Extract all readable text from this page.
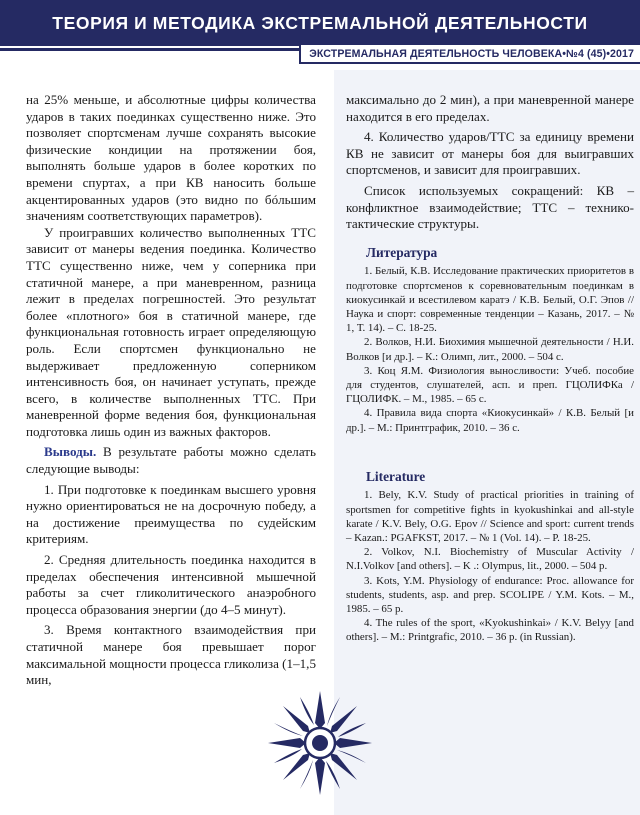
ТЕОРИЯ И МЕТОДИКА ЭКСТРЕМАЛЬНОЙ ДЕЯТЕЛЬНОСТИ
ЭКСТРЕМАЛЬНАЯ ДЕЯТЕЛЬНОСТЬ ЧЕЛОВЕКА•№4 (45)•2017

на 25% меньше, и абсолютные цифры количества ударов в таких поединках существенно ниже. Это позволяет спортсменам лучше сохранять высокие физические кондиции на протяжении боя, выполнять больше ударов в более коротких по времени спуртах, а при КВ наносить больше акцентированных ударов (это видно по бóльшим значениям соответствующих параметров).

У проигравших количество выполненных ТТС зависит от манеры ведения поединка. Количество ТТС существенно ниже, чем у соперника при статичной манере, а при маневренном, разница лежит в пределах погрешностей. Это результат более «плотного» боя в статичной манере, где функциональная готовность играет определяющую роль. Если спортсмен функционально не выдерживает предложенную соперником интенсивность боя, он начинает уступать, прежде всего, в количестве выполненных ТТС. При маневренной форме ведения боя, функциональная подготовка лишь один из важных факторов.

Выводы. В результате работы можно сделать следующие выводы:

1. При подготовке к поединкам высшего уровня нужно ориентироваться не на досрочную победу, а на достижение преимущества по судейским критериям.

2. Средняя длительность поединка находится в пределах обеспечения интенсивной мышечной работы за счет гликолитического анаэробного процесса образования энергии (до 4–5 минут).

3. Время контактного взаимодействия при статичной манере боя превышает порог максимальной мощности процесса гликолиза (1–1,5 мин,

максимально до 2 мин), а при маневренной манере находится в его пределах.

4. Количество ударов/ТТС за единицу времени КВ не зависит от манеры боя для выигравших спортсменов, и зависит для проигравших.

Список используемых сокращений: КВ – конфликтное взаимодействие; ТТС – технико-тактические структуры.

Литература

1. Белый, К.В. Исследование практических приоритетов в подготовке спортсменов к соревновательным поединкам в киокусинкай и всестилевом каратэ / К.В. Белый, О.Г. Эпов // Наука и спорт: современные тенденции – Казань, 2017. – № 1, Т. 14). – С. 18-25.

2. Волков, Н.И. Биохимия мышечной деятельности / Н.И. Волков [и др.]. – К.: Олимп, лит., 2000. – 504 с.

3. Коц Я.М. Физиология выносливости: Учеб. пособие для студентов, слушателей, асп. и преп. ГЦОЛИФКа / ГЦОЛИФК. – М., 1985. – 65 с.

4. Правила вида спорта «Киокусинкай» / К.В. Белый [и др.]. – М.: Принтграфик, 2010. – 36 с.

Literature

1. Bely, K.V. Study of practical priorities in training of sportsmen for competitive fights in kyokushinkai and all-style karate / K.V. Bely, O.G. Epov // Science and sport: current trends – Kazan.: PGAFKST, 2017. – № 1 (Vol. 14). – P. 18-25.

2. Volkov, N.I. Biochemistry of Muscular Activity / N.I.Volkov [and others]. – K .: Olympus, lit., 2000. – 504 p.

3. Kots, Y.M. Physiology of endurance: Proc. allowance for students, students, asp. and prep. SCOLIPE / Y.M. Kots. – M., 1985. – 65 p.

4. The rules of the sport, «Kyokushinkai» / K.V. Belyy [and others]. – M.: Printgrafic, 2010. – 36 p. (in Russian).
